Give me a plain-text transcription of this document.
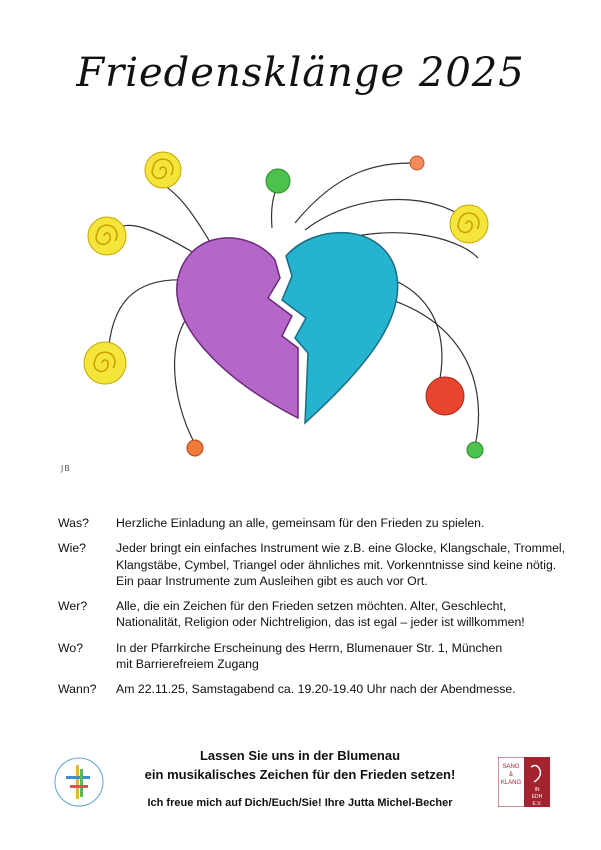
Friedensklänge 2025
JB
Was?	Herzliche Einladung an alle, gemeinsam für den Frieden zu spielen.
Wie?	Jeder bringt ein einfaches Instrument wie z.B. eine Glocke, Klangschale, Trommel,
Klangstäbe, Cymbel, Triangel oder ähnliches mit. Vorkenntnisse sind keine nötig.
Ein paar Instrumente zum Ausleihen gibt es auch vor Ort.
Wer?	Alle, die ein Zeichen für den Frieden setzen möchten. Alter, Geschlecht,
Nationalität, Religion oder Nichtreligion, das ist egal – jeder ist willkommen!
Wo?	In der Pfarrkirche Erscheinung des Herrn, Blumenauer Str. 1, München
mit Barrierefreiem Zugang
Wann?	Am 22.11.25, Samstagabend ca. 19.20-19.40 Uhr nach der Abendmesse.
Lassen Sie uns in der Blumenau
ein musikalisches Zeichen für den Frieden setzen!
Ich freue mich auf Dich/Euch/Sie! Ihre Jutta Michel-Becher
SANG
&
KLANG
IN
EDH
E.V.
